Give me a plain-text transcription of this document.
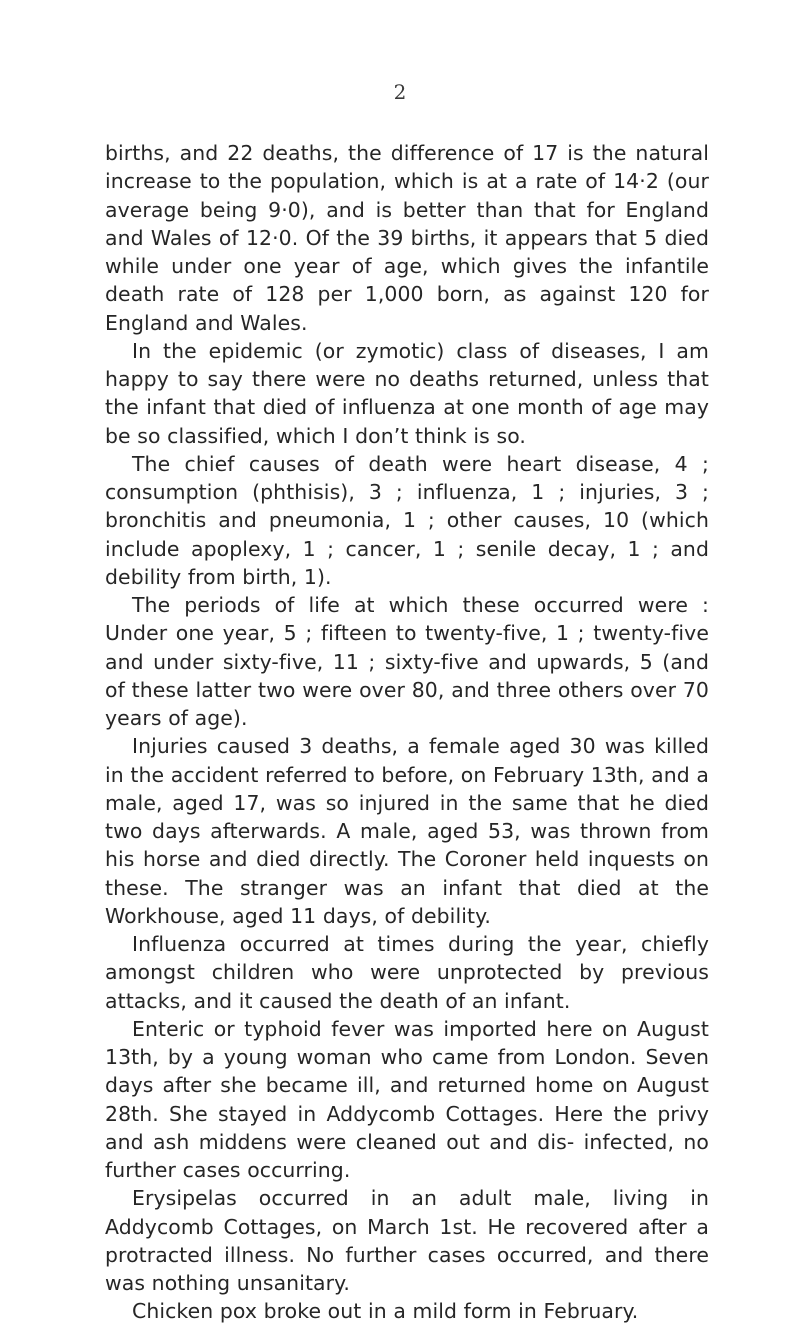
2

births, and 22 deaths, the difference of 17 is the natural increase to the population, which is at a rate of 14·2 (our average being 9·0), and is better than that for England and Wales of 12·0. Of the 39 births, it appears that 5 died while under one year of age, which gives the infantile death rate of 128 per 1,000 born, as against 120 for England and Wales.

In the epidemic (or zymotic) class of diseases, I am happy to say there were no deaths returned, unless that the infant that died of influenza at one month of age may be so classified, which I don’t think is so.

The chief causes of death were heart disease, 4 ; consumption (phthisis), 3 ; influenza, 1 ; injuries, 3 ; bronchitis and pneumonia, 1 ; other causes, 10 (which include apoplexy, 1 ; cancer, 1 ; senile decay, 1 ; and debility from birth, 1).

The periods of life at which these occurred were : Under one year, 5 ; fifteen to twenty-five, 1 ; twenty-five and under sixty-five, 11 ; sixty-five and upwards, 5 (and of these latter two were over 80, and three others over 70 years of age).

Injuries caused 3 deaths, a female aged 30 was killed in the accident referred to before, on February 13th, and a male, aged 17, was so injured in the same that he died two days afterwards. A male, aged 53, was thrown from his horse and died directly. The Coroner held inquests on these. The stranger was an infant that died at the Workhouse, aged 11 days, of debility.

Influenza occurred at times during the year, chiefly amongst children who were unprotected by previous attacks, and it caused the death of an infant.

Enteric or typhoid fever was imported here on August 13th, by a young woman who came from London. Seven days after she became ill, and returned home on August 28th. She stayed in Addycomb Cottages. Here the privy and ash middens were cleaned out and dis- infected, no further cases occurring.

Erysipelas occurred in an adult male, living in Addycomb Cottages, on March 1st. He recovered after a protracted illness. No further cases occurred, and there was nothing unsanitary.

Chicken pox broke out in a mild form in February.
